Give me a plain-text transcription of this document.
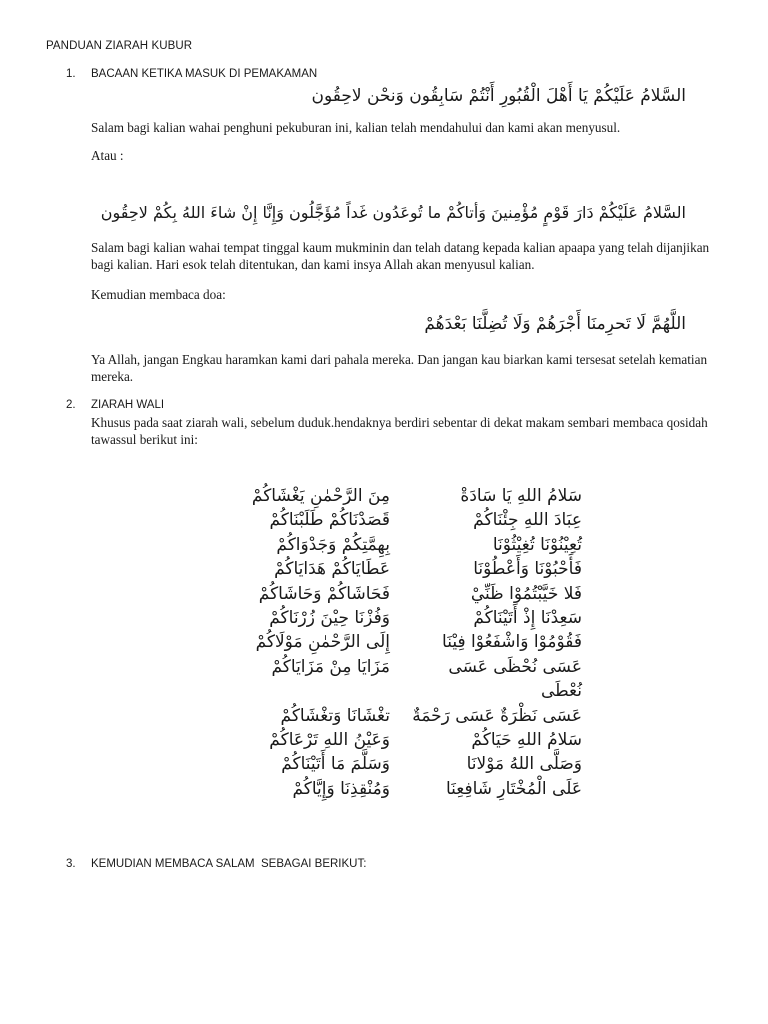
PANDUAN ZIARAH KUBUR
1. BACAAN KETIKA MASUK DI PEMAKAMAN
السَّلامُ عَلَيْكُمْ يَا أَهْلَ الْقُبُورِ أَنْتُمْ سَابِقُون وَنحْن لاحِقُون
Salam bagi kalian wahai penghuni pekuburan ini, kalian telah mendahului dan kami akan menyusul.
Atau :
السَّلامُ عَلَيْكُمْ دَارَ قَوْمٍ مُؤْمِنينَ وَأتاكُمْ ما تُوعَدُون غَداً مُؤَجَّلُون وَإِنَّا إِنْ شاءَ اللهُ بِكُمْ لاحِقُون
Salam bagi kalian wahai tempat tinggal kaum mukminin dan telah datang kepada kalian apaapa yang telah dijanjikan bagi kalian. Hari esok telah ditentukan, dan kami insya Allah akan menyusul kalian.
Kemudian membaca doa:
اللَّهُمَّ لَا تَحرِمنَا أَجْرَهُمْ وَلَا تُضِلَّنَا بَعْدَهُمْ
Ya Allah, jangan Engkau haramkan kami dari pahala mereka. Dan jangan kau biarkan kami tersesat setelah kematian mereka.
2. ZIARAH WALI
Khusus pada saat ziarah wali, sebelum duduk.hendaknya berdiri sebentar di dekat makam sembari membaca qosidah tawassul berikut ini:
سَلامُ اللهِ يَا سَادَةْ
عِبَادَ اللهِ جِئْنَاكُمْ
تُعِيْنُوْنَا تُغِيْثُوْنَا
فَأَحْبُوْنَا وَأَعْطُوْنَا
فَلا خَيَّبْتُمُوْا ظَنِّيْ
سَعِدْنَا إِذْ أَتَيْنَاكُمْ
فَقُوْمُوْا وَاشْفَعُوْا فِيْنَا
عَسَى نُحْظَى عَسَى
نُعْطَى
عَسَى نَظْرَةٌ عَسَى رَحْمَةٌ
سَلامُ اللهِ حَيَاكُمْ
وَصَلَّى اللهُ مَوْلانَا
عَلَى الْمُخْتَارِ شَافِعِنَا
مِنَ الرَّحْمٰنِ يَغْشَاكُمْ
قَصَدْنَاكُمْ طَلَبْنَاكُمْ
بِهِمَّتِكُمْ وَجَدْوَاكُمْ
عَطَايَاكُمْ هَدَايَاكُمْ
فَحَاشَاكُمْ وَحَاشَاكُمْ
وَفُزْنَا حِيْنَ زُرْنَاكُمْ
إِلَى الرَّحْمٰنِ مَوْلَاكُمْ
مَزَايَا مِنْ مَزَايَاكُمْ
تغْشَانَا وَتغْشَاكُمْ
وَعَيْنُ اللهِ تَرْعَاكُمْ
وَسَلَّمَ مَا أَتَيْنَاكُمْ
وَمُنْقِذِنَا وَإِيَّاكُمْ
3. KEMUDIAN MEMBACA SALAM  SEBAGAI BERIKUT:
